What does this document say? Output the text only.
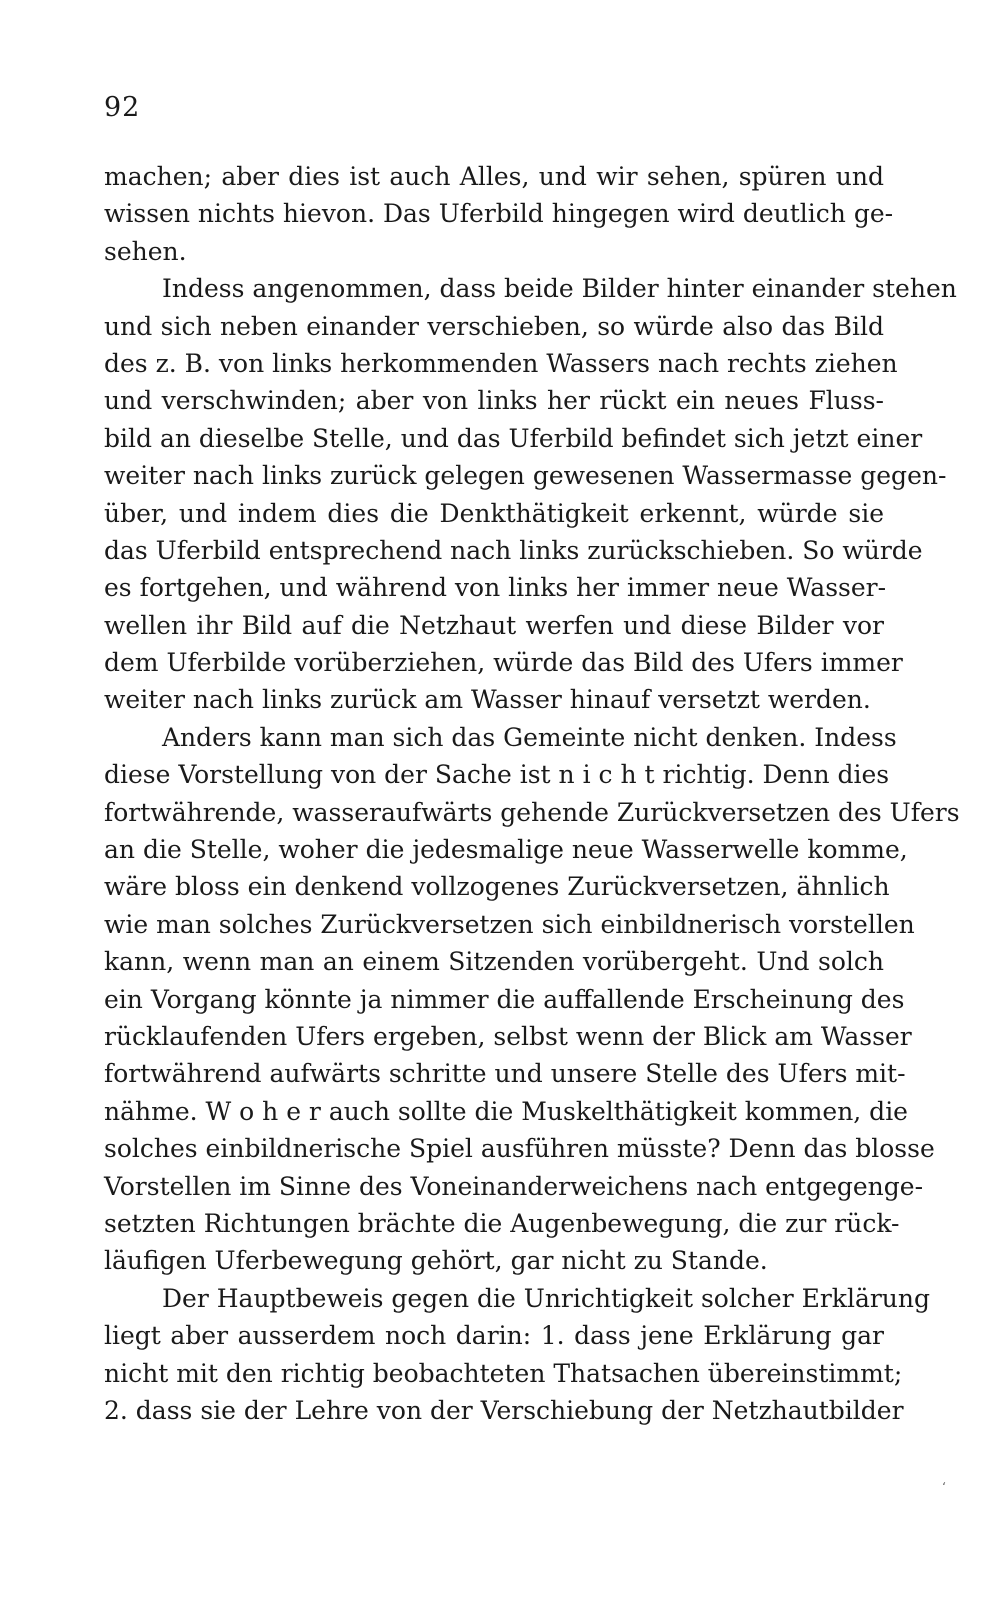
92
machen; aber dies ist auch Alles, und wir sehen, spüren und
wissen nichts hievon. Das Uferbild hingegen wird deutlich ge-
sehen.
Indess angenommen, dass beide Bilder hinter einander stehen
und sich neben einander verschieben, so würde also das Bild
des z. B. von links herkommenden Wassers nach rechts ziehen
und verschwinden; aber von links her rückt ein neues Fluss-
bild an dieselbe Stelle, und das Uferbild befindet sich jetzt einer
weiter nach links zurück gelegen gewesenen Wassermasse gegen-
über, und indem dies die Denkthätigkeit erkennt, würde sie
das Uferbild entsprechend nach links zurückschieben. So würde
es fortgehen, und während von links her immer neue Wasser-
wellen ihr Bild auf die Netzhaut werfen und diese Bilder vor
dem Uferbilde vorüberziehen, würde das Bild des Ufers immer
weiter nach links zurück am Wasser hinauf versetzt werden.
Anders kann man sich das Gemeinte nicht denken. Indess
diese Vorstellung von der Sache ist n i c h t richtig. Denn dies
fortwährende, wasseraufwärts gehende Zurückversetzen des Ufers
an die Stelle, woher die jedesmalige neue Wasserwelle komme,
wäre bloss ein denkend vollzogenes Zurückversetzen, ähnlich
wie man solches Zurückversetzen sich einbildnerisch vorstellen
kann, wenn man an einem Sitzenden vorübergeht. Und solch
ein Vorgang könnte ja nimmer die auffallende Erscheinung des
rücklaufenden Ufers ergeben, selbst wenn der Blick am Wasser
fortwährend aufwärts schritte und unsere Stelle des Ufers mit-
nähme. W o h e r auch sollte die Muskelthätigkeit kommen, die
solches einbildnerische Spiel ausführen müsste? Denn das blosse
Vorstellen im Sinne des Voneinanderweichens nach entgegenge-
setzten Richtungen brächte die Augenbewegung, die zur rück-
läufigen Uferbewegung gehört, gar nicht zu Stande.
Der Hauptbeweis gegen die Unrichtigkeit solcher Erklärung
liegt aber ausserdem noch darin: 1. dass jene Erklärung gar
nicht mit den richtig beobachteten Thatsachen übereinstimmt;
2. dass sie der Lehre von der Verschiebung der Netzhautbilder
‘
